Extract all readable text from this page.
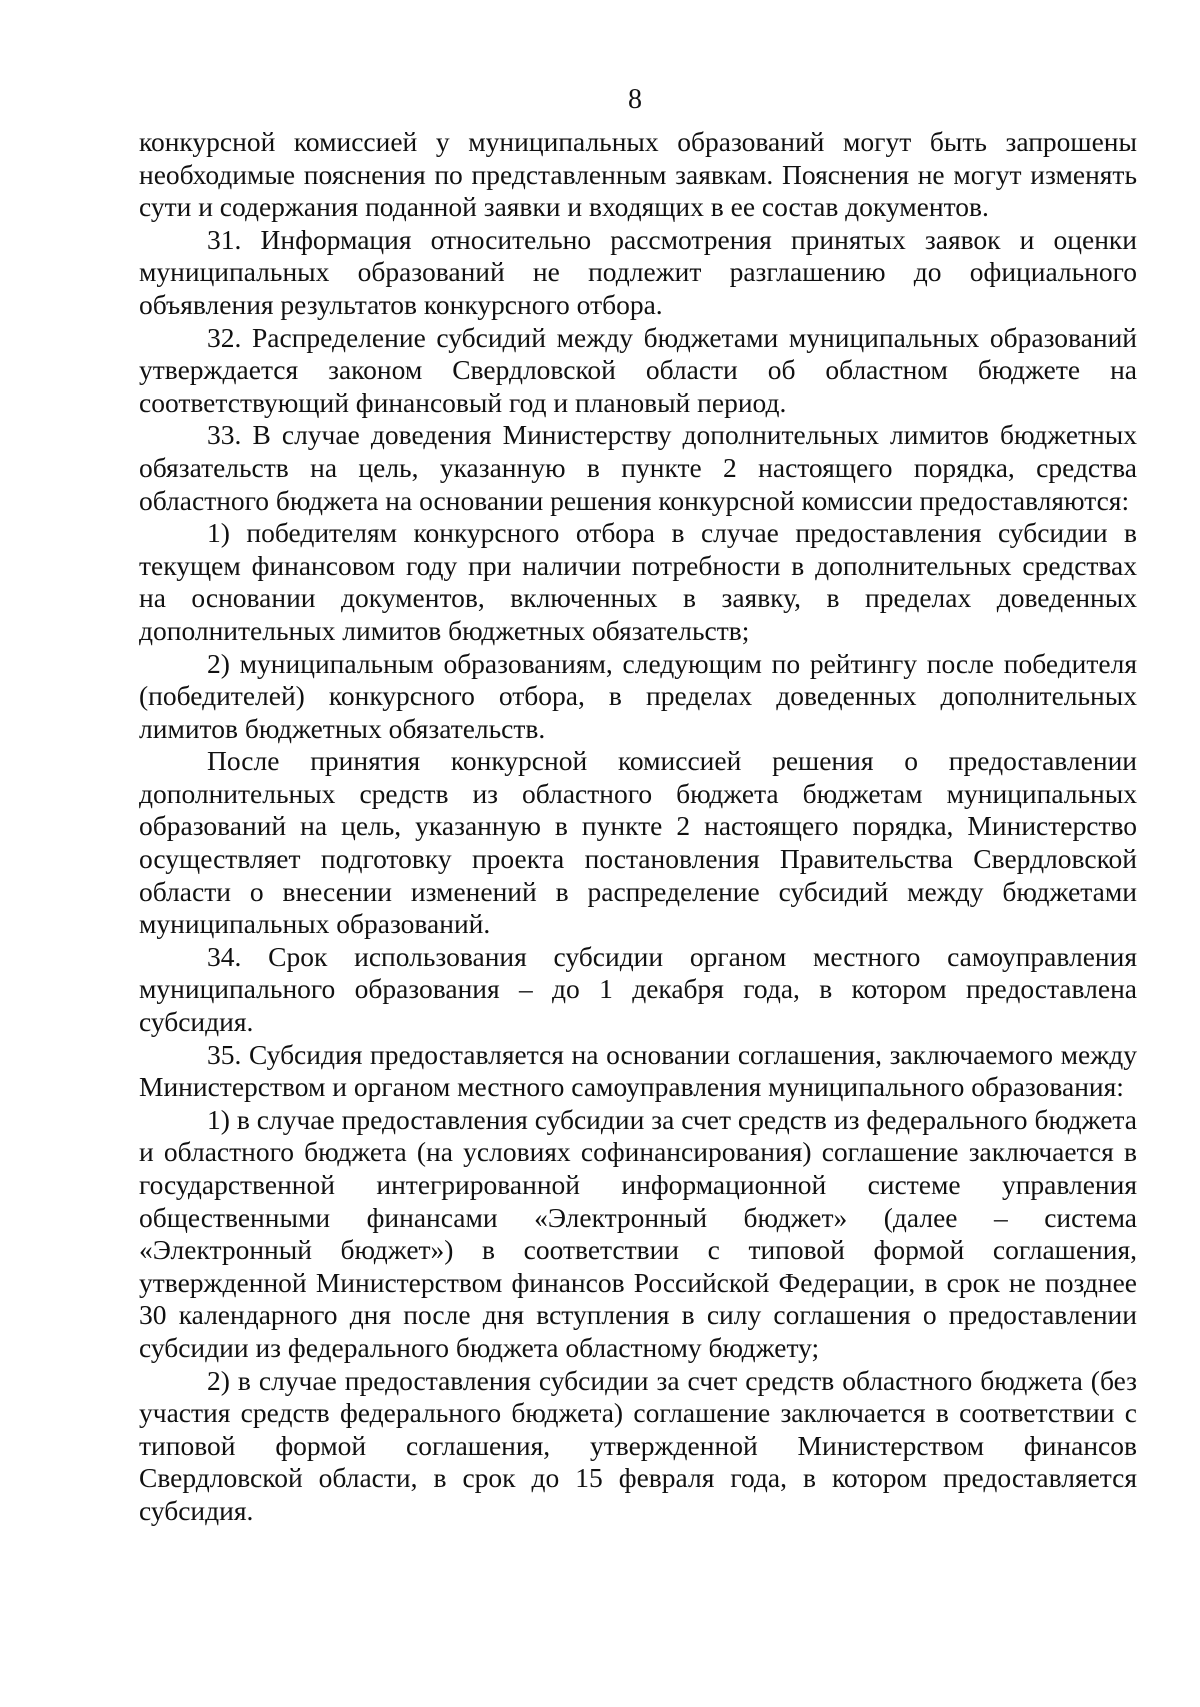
8

конкурсной комиссией у муниципальных образований могут быть запрошены необходимые пояснения по представленным заявкам. Пояснения не могут изменять сути и содержания поданной заявки и входящих в ее состав документов.

31. Информация относительно рассмотрения принятых заявок и оценки муниципальных образований не подлежит разглашению до официального объявления результатов конкурсного отбора.

32. Распределение субсидий между бюджетами муниципальных образований утверждается законом Свердловской области об областном бюджете на соответствующий финансовый год и плановый период.

33. В случае доведения Министерству дополнительных лимитов бюджетных обязательств на цель, указанную в пункте 2 настоящего порядка, средства областного бюджета на основании решения конкурсной комиссии предоставляются:

1) победителям конкурсного отбора в случае предоставления субсидии в текущем финансовом году при наличии потребности в дополнительных средствах на основании документов, включенных в заявку, в пределах доведенных дополнительных лимитов бюджетных обязательств;

2) муниципальным образованиям, следующим по рейтингу после победителя (победителей) конкурсного отбора, в пределах доведенных дополнительных лимитов бюджетных обязательств.

После принятия конкурсной комиссией решения о предоставлении дополнительных средств из областного бюджета бюджетам муниципальных образований на цель, указанную в пункте 2 настоящего порядка, Министерство осуществляет подготовку проекта постановления Правительства Свердловской области о внесении изменений в распределение субсидий между бюджетами муниципальных образований.

34. Срок использования субсидии органом местного самоуправления муниципального образования – до 1 декабря года, в котором предоставлена субсидия.

35. Субсидия предоставляется на основании соглашения, заключаемого между Министерством и органом местного самоуправления муниципального образования:

1) в случае предоставления субсидии за счет средств из федерального бюджета и областного бюджета (на условиях софинансирования) соглашение заключается в государственной интегрированной информационной системе управления общественными финансами «Электронный бюджет» (далее – система «Электронный бюджет») в соответствии с типовой формой соглашения, утвержденной Министерством финансов Российской Федерации, в срок не позднее 30 календарного дня после дня вступления в силу соглашения о предоставлении субсидии из федерального бюджета областному бюджету;

2) в случае предоставления субсидии за счет средств областного бюджета (без участия средств федерального бюджета) соглашение заключается в соответствии с типовой формой соглашения, утвержденной Министерством финансов Свердловской области, в срок до 15 февраля года, в котором предоставляется субсидия.
